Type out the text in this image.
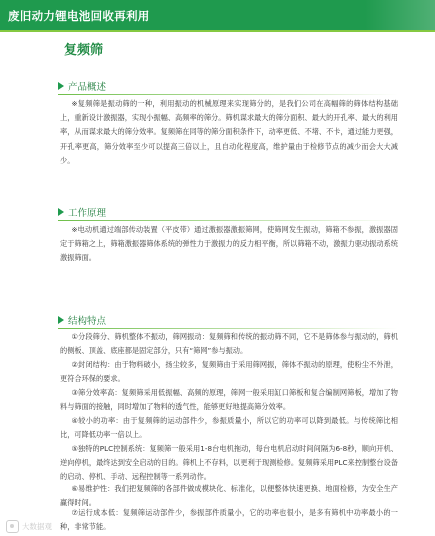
废旧动力锂电池回收再利用
复频筛
产品概述
※复频筛是振动筛的一种，利用振动的机械原理来实现筛分的，是我们公司在高幅筛的筛体结构基础上，重新设计激振器，实现小振幅、高频率的筛分。筛机谋求最大的筛分面积、最大的开孔率、最大的利用率，从而谋求最大的筛分效率。复频筛在同等的筛分面积条件下，动率更低、不堵、不卡，通过能力更强，开孔率更高，筛分效率至少可以提高三倍以上，且自动化程度高，维护量由于检修节点的减少而会大大减少。
工作原理
※电动机通过端部传动装置（平皮带）通过激振器激振筛网，使筛网发生振动，筛箱不参振，激振器固定于筛箱之上，筛箱激振器筛体系统的弹性力于激振力的反力相平衡，所以筛箱不动，激振力驱动振动系统激振筛面。
结构特点
①分段筛分、筛机整体不振动，筛网振动：复频筛和传统的振动筛不同，它不是筛体参与振动的，筛机的侧板、顶盖、底座都是固定部分，只有“筛网”参与振动。
②封闭结构：由于物料破小，扬尘较多，复频筛由于采用筛网振，筛体不振动的原理，使粉尘不外泄，更符合环保的要求。
③筛分效率高：复频筛采用低振幅、高频的原理，筛网一般采用缸口筛板和复合编制网筛板，增加了物料与筛面的接触，同时增加了物料的透气性，能够更好地提高筛分效率。
④较小的功率：由于复频筛的运动部件少，参振质量小，所以它的功率可以降到最低。与传统筛比相比，可降低功率一倍以上。
⑤独特的PLC控制系统：复频筛一般采用1-8台电机拖动，每台电机启动时间间隔为6-8秒，顺向开机、逆向停机，最终达到安全启动的目的。筛机上不存料，以更利于现测检修。复频筛采用PLC来控制整台设备的启动、停机、手动、远程控制等一系列动作。
⑥易维护性：我们把复频筛的各部件做成模块化、标准化，以便整体快速更换、地面检修，为安全生产赢得时间。
⑦运行成本低：复频筛运动部件少，参振部件质量小，它的功率也很小，是多有筛机中功率最小的一种，非常节能。
大数据观
